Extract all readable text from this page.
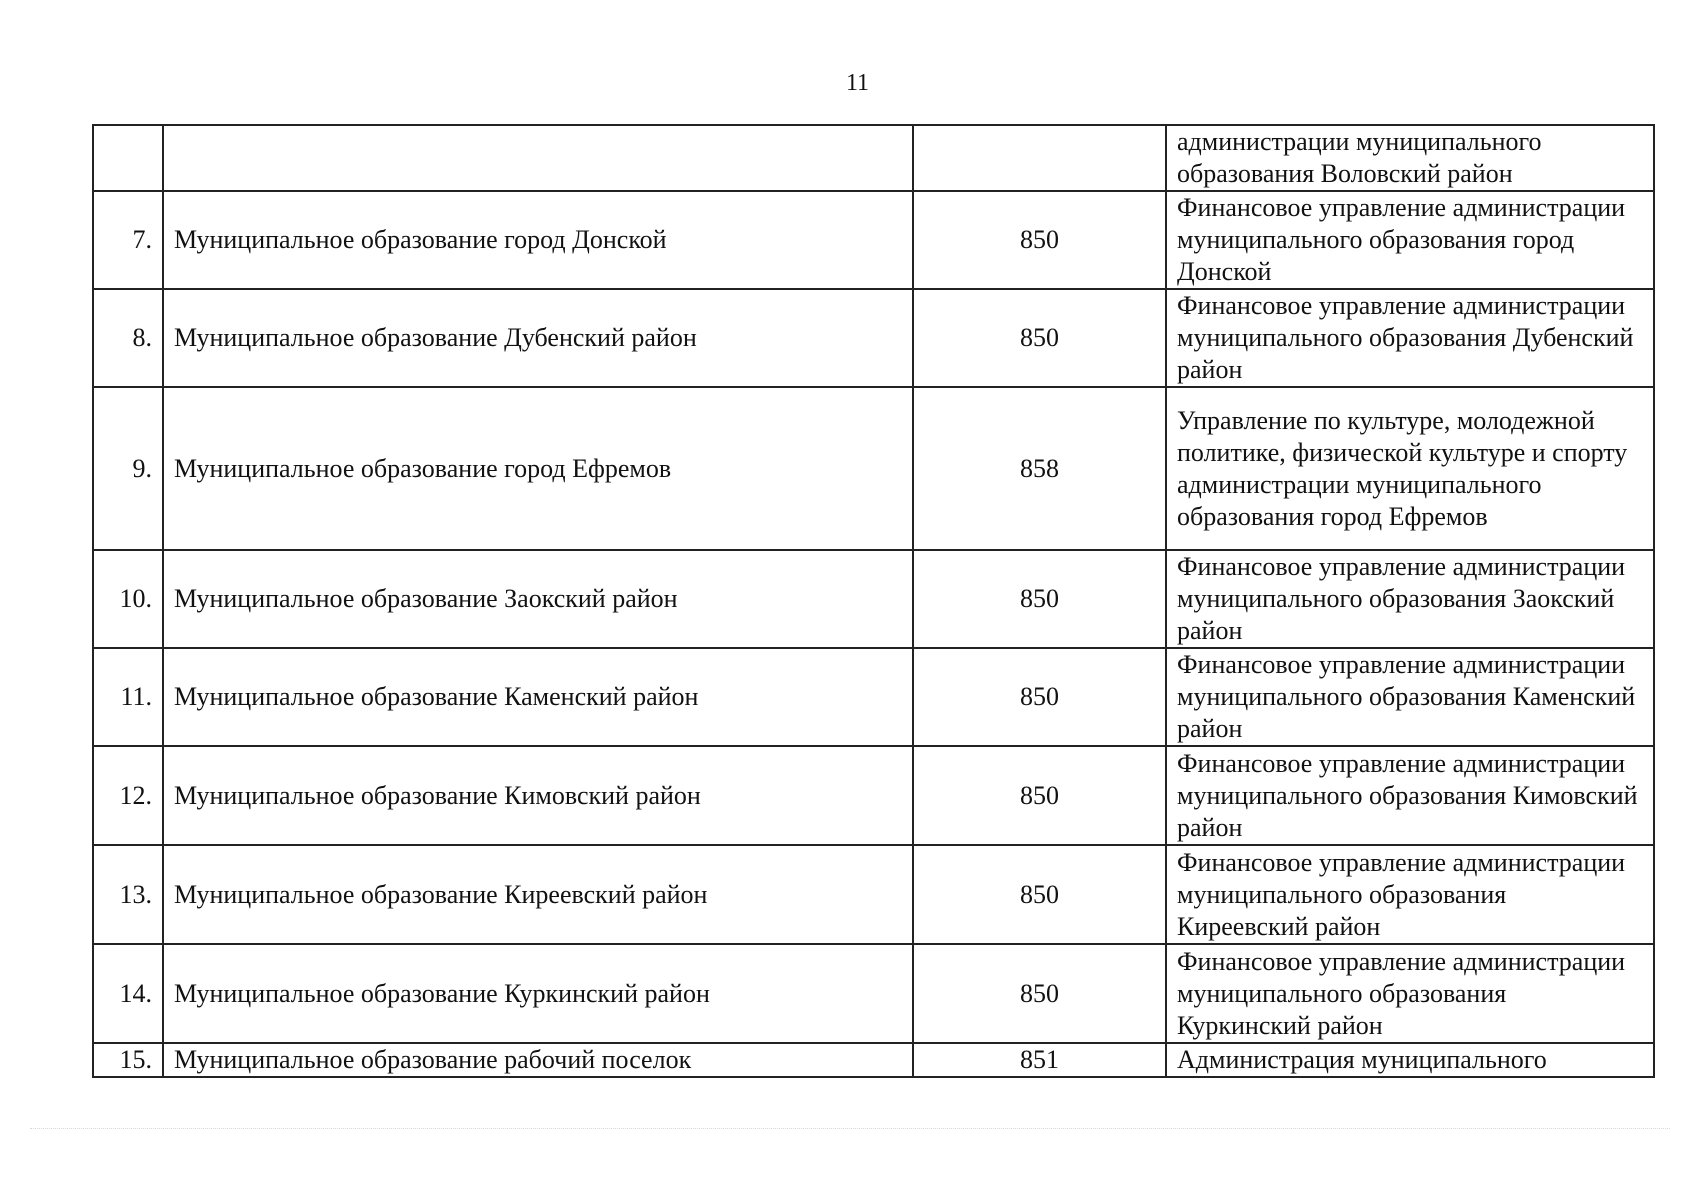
11
			администрации муниципального образования Воловский район
7.	Муниципальное образование город Донской	850	Финансовое управление администрации муниципального образования город Донской
8.	Муниципальное образование Дубенский район	850	Финансовое управление администрации муниципального образования Дубенский район
9.	Муниципальное образование город Ефремов	858	Управление по культуре, молодежной политике, физической культуре и спорту администрации муниципального образования город Ефремов
10.	Муниципальное образование Заокский район	850	Финансовое управление администрации муниципального образования Заокский район
11.	Муниципальное образование Каменский район	850	Финансовое управление администрации муниципального образования Каменский район
12.	Муниципальное образование Кимовский район	850	Финансовое управление администрации муниципального образования Кимовский район
13.	Муниципальное образование Киреевский район	850	Финансовое управление администрации муниципального образования Киреевский район
14.	Муниципальное образование Куркинский район	850	Финансовое управление администрации муниципального образования Куркинский район
15.	Муниципальное образование рабочий поселок	851	Администрация муниципального
